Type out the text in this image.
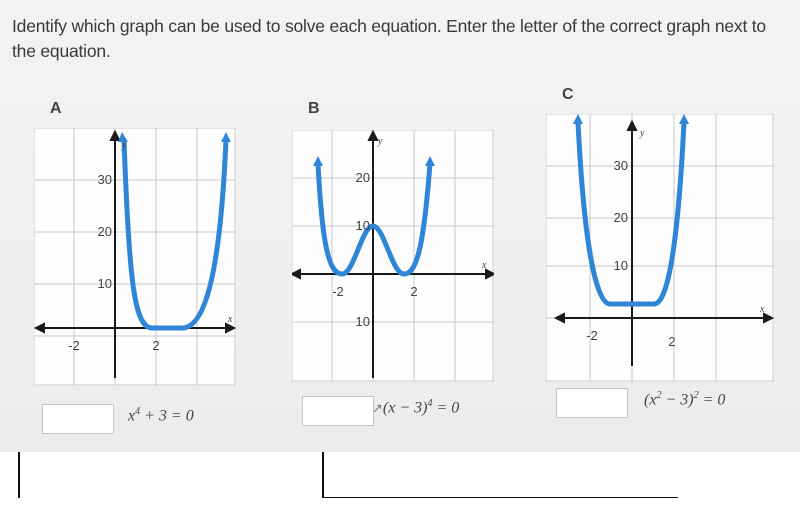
Identify which graph can be used to solve each equation. Enter the letter of the correct graph next to the equation.
A
30
20
10
-2	2
y
x
B
20
10
10
-2	2
y
x
C
30
20
10
-2	2
y
x
$x^4 + 3 = 0$	↗(x − 3)$^4$ = 0	$(x^2 - 3)^2 = 0$
